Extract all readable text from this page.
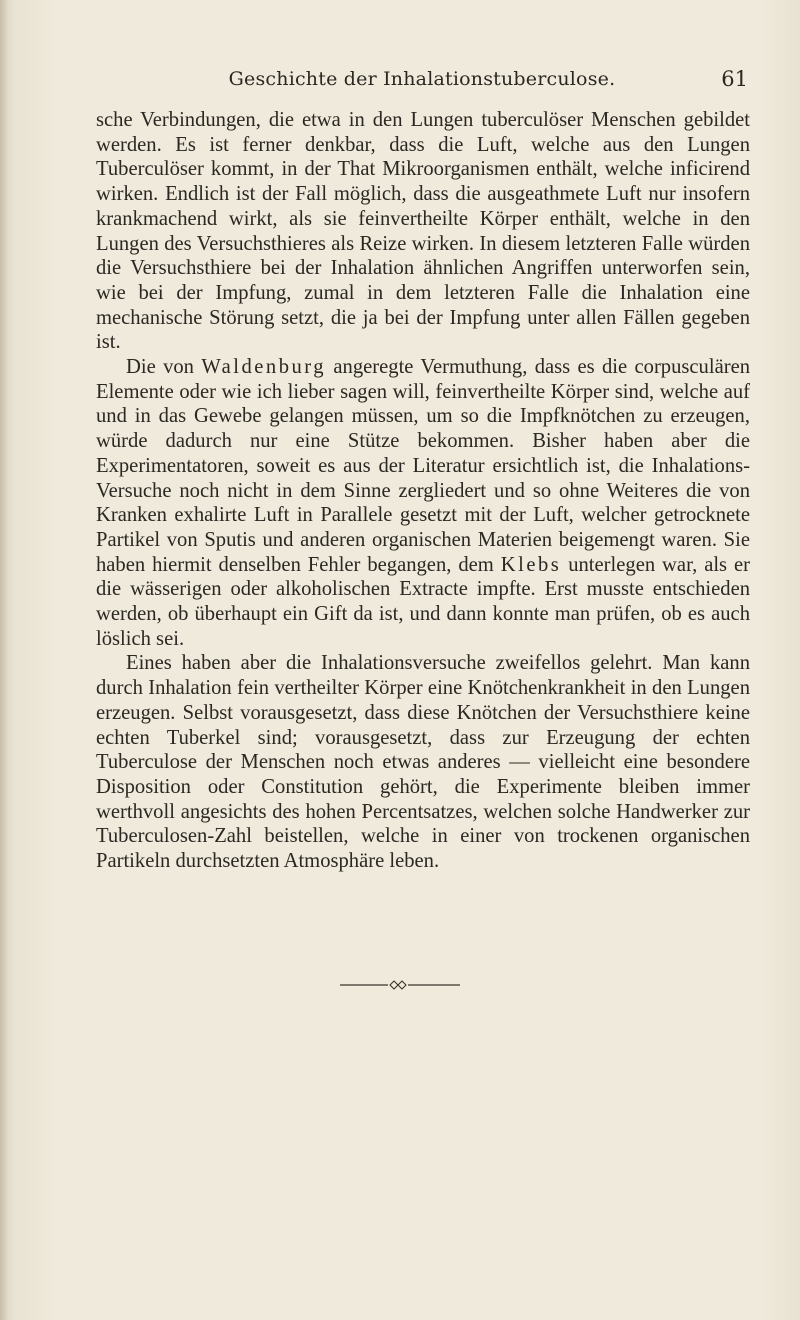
Geschichte der Inhalationstuberculose.	61

sche Verbindungen, die etwa in den Lungen tuberculöser Menschen gebildet werden. Es ist ferner denkbar, dass die Luft, welche aus den Lungen Tuberculöser kommt, in der That Mikroorganismen enthält, welche inficirend wirken. Endlich ist der Fall möglich, dass die ausgeathmete Luft nur insofern krankmachend wirkt, als sie feinvertheilte Körper enthält, welche in den Lungen des Versuchsthieres als Reize wirken. In diesem letzteren Falle würden die Versuchsthiere bei der Inhalation ähnlichen Angriffen unterworfen sein, wie bei der Impfung, zumal in dem letzteren Falle die Inhalation eine mechanische Störung setzt, die ja bei der Impfung unter allen Fällen gegeben ist.

Die von Waldenburg angeregte Vermuthung, dass es die corpusculären Elemente oder wie ich lieber sagen will, feinvertheilte Körper sind, welche auf und in das Gewebe gelangen müssen, um so die Impfknötchen zu erzeugen, würde dadurch nur eine Stütze bekommen. Bisher haben aber die Experimentatoren, soweit es aus der Literatur ersichtlich ist, die Inhalations-Versuche noch nicht in dem Sinne zergliedert und so ohne Weiteres die von Kranken exhalirte Luft in Parallele gesetzt mit der Luft, welcher getrocknete Partikel von Sputis und anderen organischen Materien beigemengt waren. Sie haben hiermit denselben Fehler begangen, dem Klebs unterlegen war, als er die wässerigen oder alkoholischen Extracte impfte. Erst musste entschieden werden, ob überhaupt ein Gift da ist, und dann konnte man prüfen, ob es auch löslich sei.

Eines haben aber die Inhalationsversuche zweifellos gelehrt. Man kann durch Inhalation fein vertheilter Körper eine Knötchenkrankheit in den Lungen erzeugen. Selbst vorausgesetzt, dass diese Knötchen der Versuchsthiere keine echten Tuberkel sind; vorausgesetzt, dass zur Erzeugung der echten Tuberculose der Menschen noch etwas anderes — vielleicht eine besondere Disposition oder Constitution gehört, die Experimente bleiben immer werthvoll angesichts des hohen Percentsatzes, welchen solche Handwerker zur Tuberculosen-Zahl beistellen, welche in einer von trockenen organischen Partikeln durchsetzten Atmosphäre leben.
